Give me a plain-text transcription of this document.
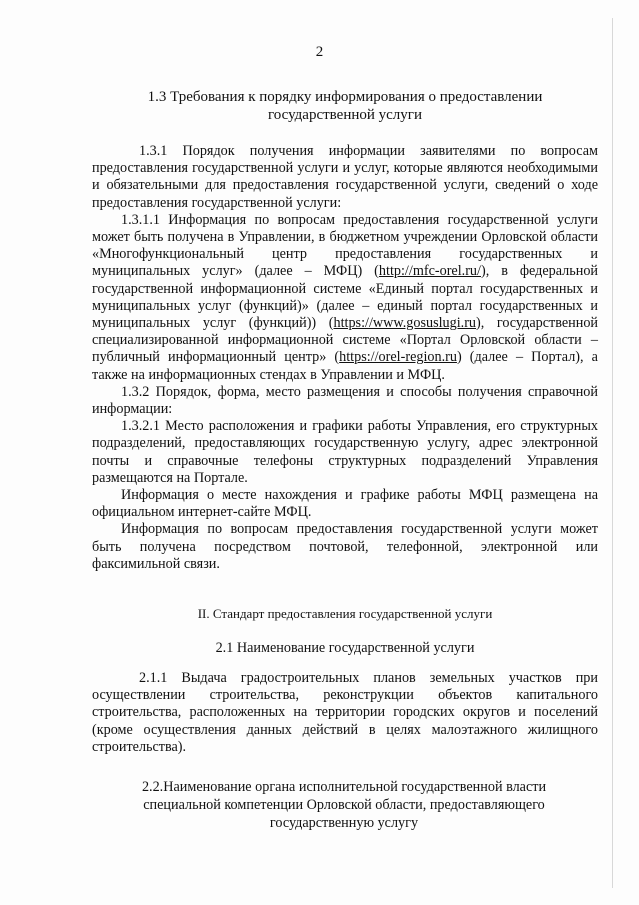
2
1.3 Требования к порядку информирования о предоставлении государственной услуги

1.3.1 Порядок получения информации заявителями по вопросам предоставления государственной услуги и услуг, которые являются необходимыми и обязательными для предоставления государственной услуги, сведений о ходе предоставления государственной услуги:

1.3.1.1 Информация по вопросам предоставления государственной услуги может быть получена в Управлении, в бюджетном учреждении Орловской области «Многофункциональный центр предоставления государственных и муниципальных услуг» (далее – МФЦ) (http://mfc-orel.ru/), в федеральной государственной информационной системе «Единый портал государственных и муниципальных услуг (функций)» (далее – единый портал государственных и муниципальных услуг (функций)) (https://www.gosuslugi.ru), государственной специализированной информационной системе «Портал Орловской области – публичный информационный центр» (https://orel-region.ru) (далее – Портал), а также на информационных стендах в Управлении и МФЦ.

1.3.2 Порядок, форма, место размещения и способы получения справочной информации:

1.3.2.1 Место расположения и графики работы Управления, его структурных подразделений, предоставляющих государственную услугу, адрес электронной почты и справочные телефоны структурных подразделений Управления размещаются на Портале.

Информация о месте нахождения и графике работы МФЦ размещена на официальном интернет-сайте МФЦ.

Информация по вопросам предоставления государственной услуги может быть получена посредством почтовой, телефонной, электронной или факсимильной связи.

II. Стандарт предоставления государственной услуги
2.1 Наименование государственной услуги

2.1.1 Выдача градостроительных планов земельных участков при осуществлении строительства, реконструкции объектов капитального строительства, расположенных на территории городских округов и поселений (кроме осуществления данных действий в целях малоэтажного жилищного строительства).

2.2.Наименование органа исполнительной государственной власти специальной компетенции Орловской области, предоставляющего государственную услугу
